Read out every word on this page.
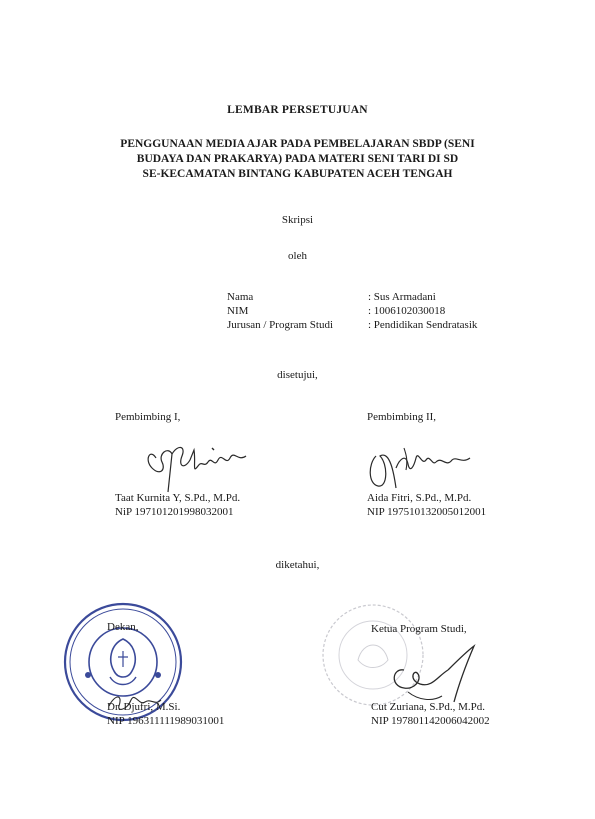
LEMBAR PERSETUJUAN
PENGGUNAAN MEDIA AJAR PADA PEMBELAJARAN SBDP (SENI
BUDAYA DAN PRAKARYA) PADA MATERI SENI TARI DI SD
SE-KECAMATAN BINTANG KABUPATEN ACEH TENGAH
Skripsi
oleh
Nama	: Sus Armadani
NIM	: 1006102030018
Jurusan / Program Studi	: Pendidikan Sendratasik
disetujui,
Pembimbing I,	Pembimbing II,
Taat Kurnita Y, S.Pd., M.Pd.
NiP 197101201998032001
Aida Fitri, S.Pd., M.Pd.
NIP 197510132005012001
diketahui,
Dekan,	Ketua Program Studi,
Dr. Djufri, M.Si.
NIP 196311111989031001
Cut Zuriana, S.Pd., M.Pd.
NIP 197801142006042002
